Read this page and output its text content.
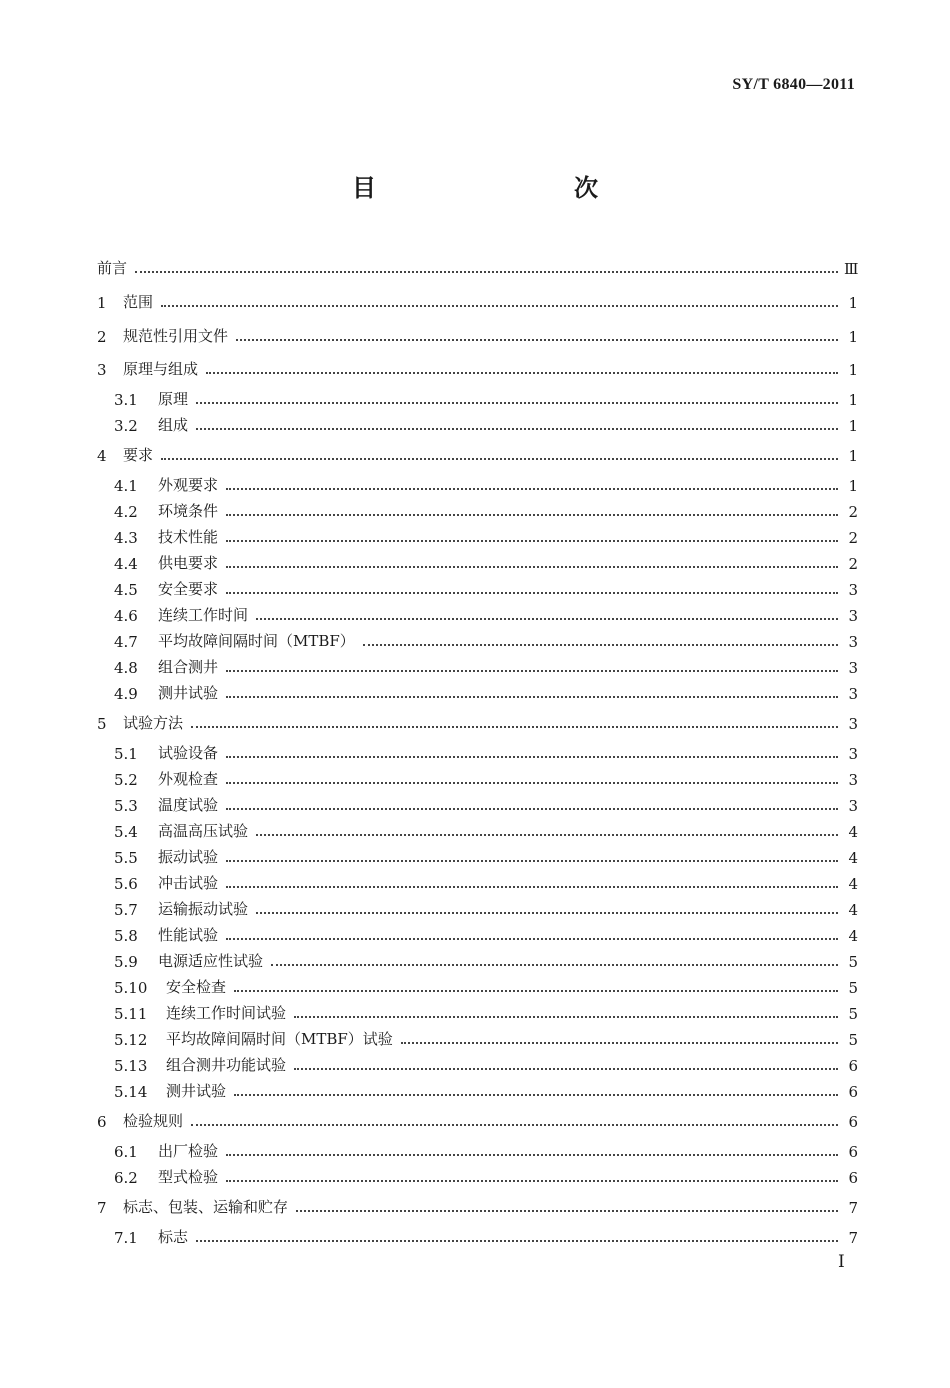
SY/T 6840—2011
目　　次
前言	Ⅲ
1	范围	1
2	规范性引用文件	1
3	原理与组成	1
3.1	原理	1
3.2	组成	1
4	要求	1
4.1	外观要求	1
4.2	环境条件	2
4.3	技术性能	2
4.4	供电要求	2
4.5	安全要求	3
4.6	连续工作时间	3
4.7	平均故障间隔时间（MTBF）	3
4.8	组合测井	3
4.9	测井试验	3
5	试验方法	3
5.1	试验设备	3
5.2	外观检查	3
5.3	温度试验	3
5.4	高温高压试验	4
5.5	振动试验	4
5.6	冲击试验	4
5.7	运输振动试验	4
5.8	性能试验	4
5.9	电源适应性试验	5
5.10	安全检查	5
5.11	连续工作时间试验	5
5.12	平均故障间隔时间（MTBF）试验	5
5.13	组合测井功能试验	6
5.14	测井试验	6
6	检验规则	6
6.1	出厂检验	6
6.2	型式检验	6
7	标志、包装、运输和贮存	7
7.1	标志	7
Ⅰ
